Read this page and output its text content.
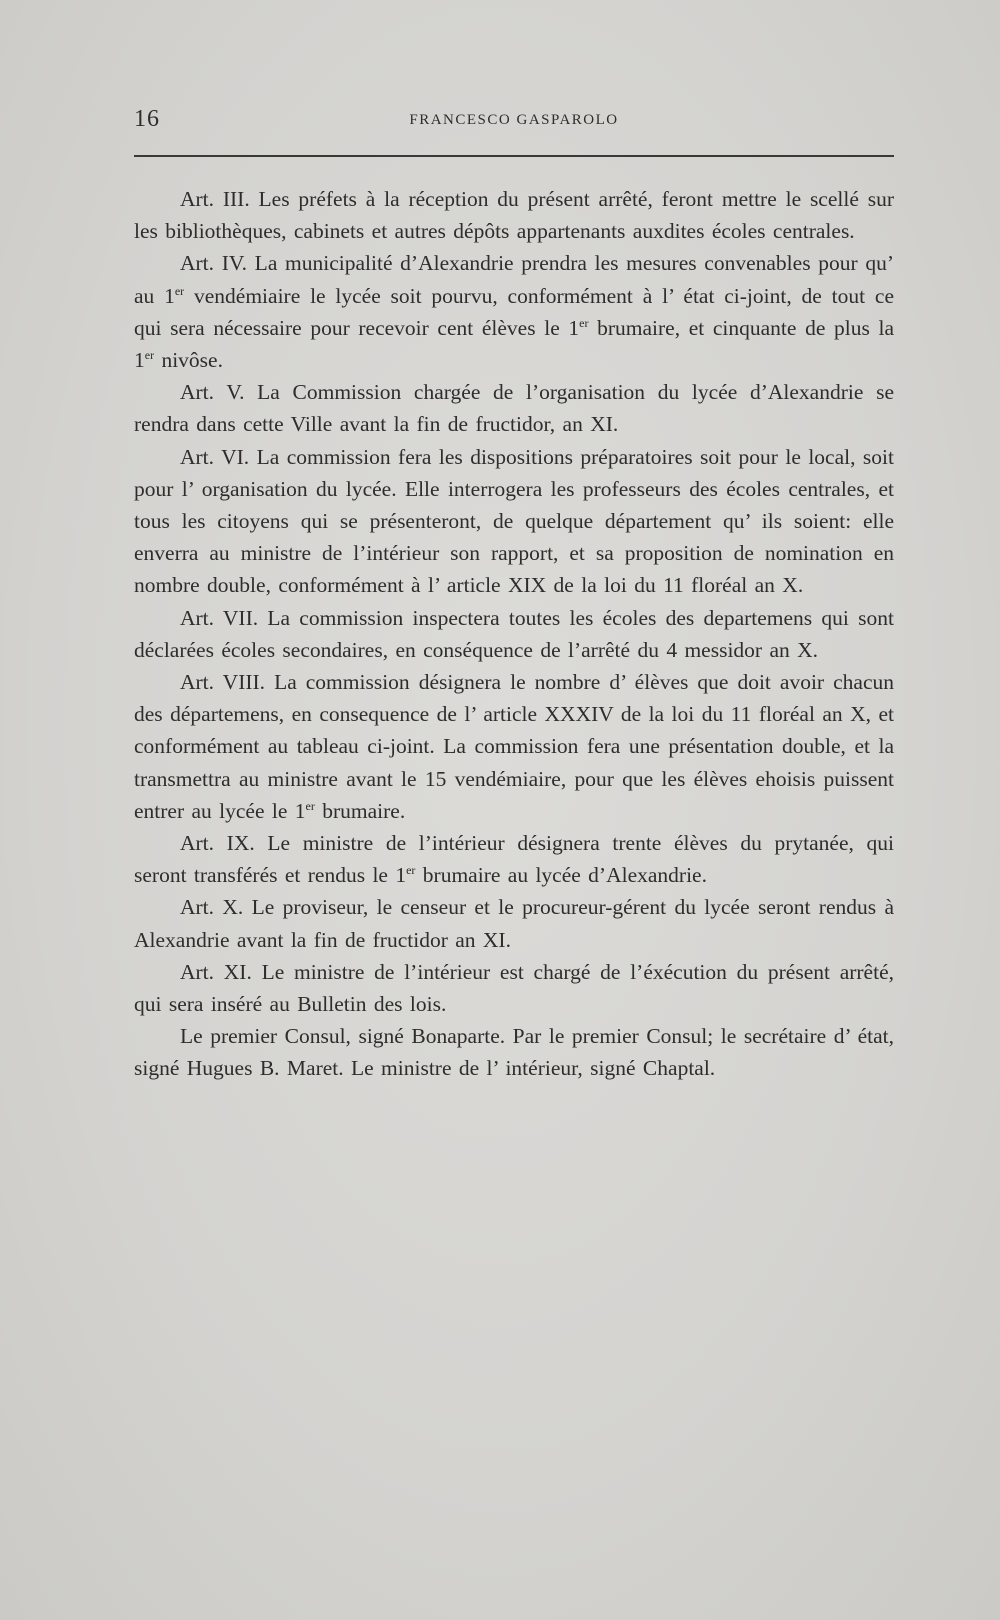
16	FRANCESCO GASPAROLO

Art. III. Les préfets à la réception du présent arrêté, feront mettre le scellé sur les bibliothèques, cabinets et autres dépôts appartenants auxdites écoles centrales.

Art. IV. La municipalité d’Alexandrie prendra les mesures convenables pour qu’ au 1er vendémiaire le lycée soit pourvu, conformément à l’ état ci-joint, de tout ce qui sera nécessaire pour recevoir cent élèves le 1er brumaire, et cinquante de plus la 1er nivôse.

Art. V. La Commission chargée de l’organisation du lycée d’Alexandrie se rendra dans cette Ville avant la fin de fructidor, an XI.

Art. VI. La commission fera les dispositions préparatoires soit pour le local, soit pour l’ organisation du lycée. Elle interrogera les professeurs des écoles centrales, et tous les citoyens qui se présenteront, de quelque département qu’ ils soient: elle enverra au ministre de l’intérieur son rapport, et sa proposition de nomination en nombre double, conformément à l’ article XIX de la loi du 11 floréal an X.

Art. VII. La commission inspectera toutes les écoles des departemens qui sont déclarées écoles secondaires, en conséquence de l’arrêté du 4 messidor an X.

Art. VIII. La commission désignera le nombre d’ élèves que doit avoir chacun des départemens, en consequence de l’ article XXXIV de la loi du 11 floréal an X, et conformément au tableau ci-joint. La commission fera une présentation double, et la transmettra au ministre avant le 15 vendémiaire, pour que les élèves ehoisis puissent entrer au lycée le 1er brumaire.

Art. IX. Le ministre de l’intérieur désignera trente élèves du prytanée, qui seront transférés et rendus le 1er brumaire au lycée d’Alexandrie.

Art. X. Le proviseur, le censeur et le procureur-gérent du lycée seront rendus à Alexandrie avant la fin de fructidor an XI.

Art. XI. Le ministre de l’intérieur est chargé de l’éxécution du présent arrêté, qui sera inséré au Bulletin des lois.

Le premier Consul, signé Bonaparte. Par le premier Consul; le secrétaire d’ état, signé Hugues B. Maret. Le ministre de l’ intérieur, signé Chaptal.
